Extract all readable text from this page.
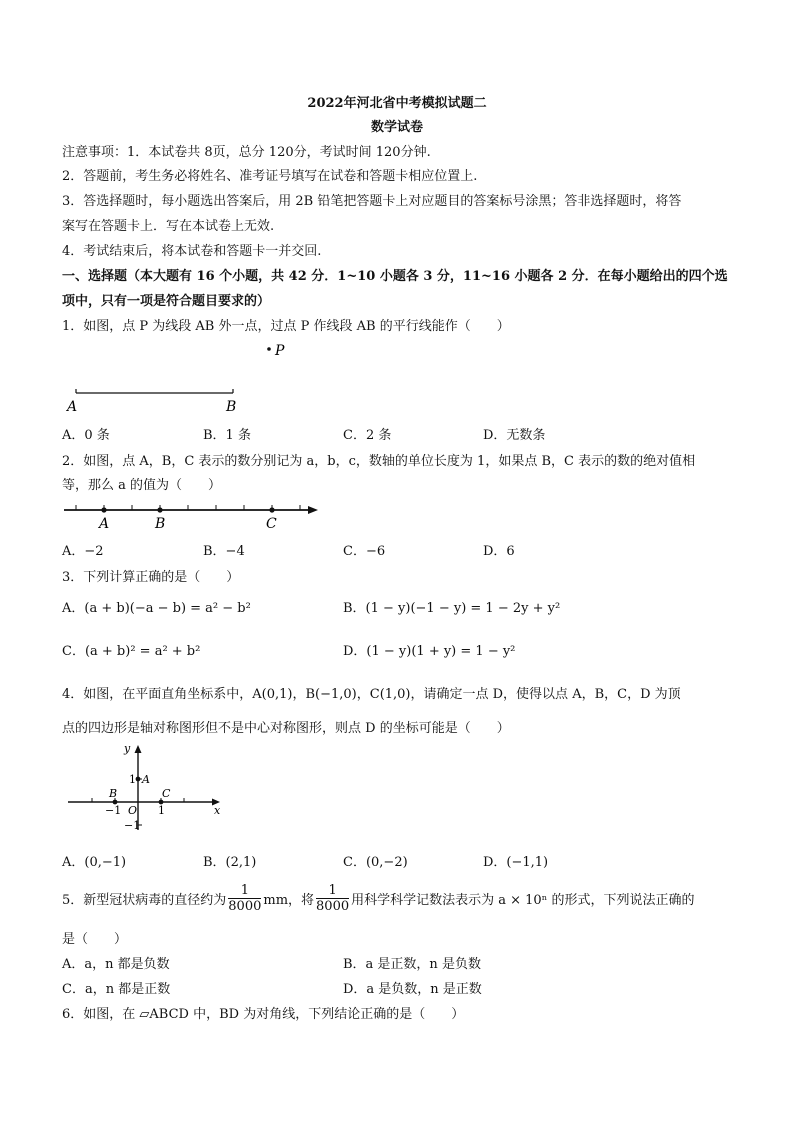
2022年河北省中考模拟试题二
数学试卷
注意事项：1．本试卷共 8页，总分 120分，考试时间 120分钟.
2．答题前，考生务必将姓名、准考证号填写在试卷和答题卡相应位置上.
3．答选择题时，每小题选出答案后，用 2B 铅笔把答题卡上对应题目的答案标号涂黑；答非选择题时，将答
案写在答题卡上．写在本试卷上无效.
4．考试结束后，将本试卷和答题卡一并交回.
一、选择题（本大题有 16 个小题，共 42 分．1~10 小题各 3 分，11~16 小题各 2 分．在每小题给出的四个选
项中，只有一项是符合题目要求的）
1．如图，点 P 为线段 AB 外一点，过点 P 作线段 AB 的平行线能作（　　）
P
A	B
A．0 条	B．1 条	C．2 条	D．无数条
2．如图，点 A，B，C 表示的数分别记为 a，b，c，数轴的单位长度为 1，如果点 B，C 表示的数的绝对值相
等，那么 a 的值为（　　）
A	B	C
A．−2	B．−4	C．−6	D．6
3．下列计算正确的是（　　）
A．(a + b)(−a − b) = a² − b²	B．(1 − y)(−1 − y) = 1 − 2y + y²
C．(a + b)² = a² + b²	D．(1 − y)(1 + y) = 1 − y²
4．如图，在平面直角坐标系中，A(0,1)，B(−1,0)，C(1,0)，请确定一点 D，使得以点 A，B，C，D 为顶
点的四边形是轴对称图形但不是中心对称图形，则点 D 的坐标可能是（　　）
y
x
A
B	C
O
1
−1	1
−1
A．(0,−1)	B．(2,1)	C．(0,−2)	D．(−1,1)
5．新型冠状病毒的直径约为 $\frac{1}{8000}$ mm，将 $\frac{1}{8000}$ 用科学科学记数法表示为 a × 10ⁿ 的形式，下列说法正确的
是（　　）
A．a，n 都是负数	B．a 是正数，n 是负数
C．a，n 都是正数	D．a 是负数，n 是正数
6．如图，在 ▱ABCD 中，BD 为对角线，下列结论正确的是（　　）
